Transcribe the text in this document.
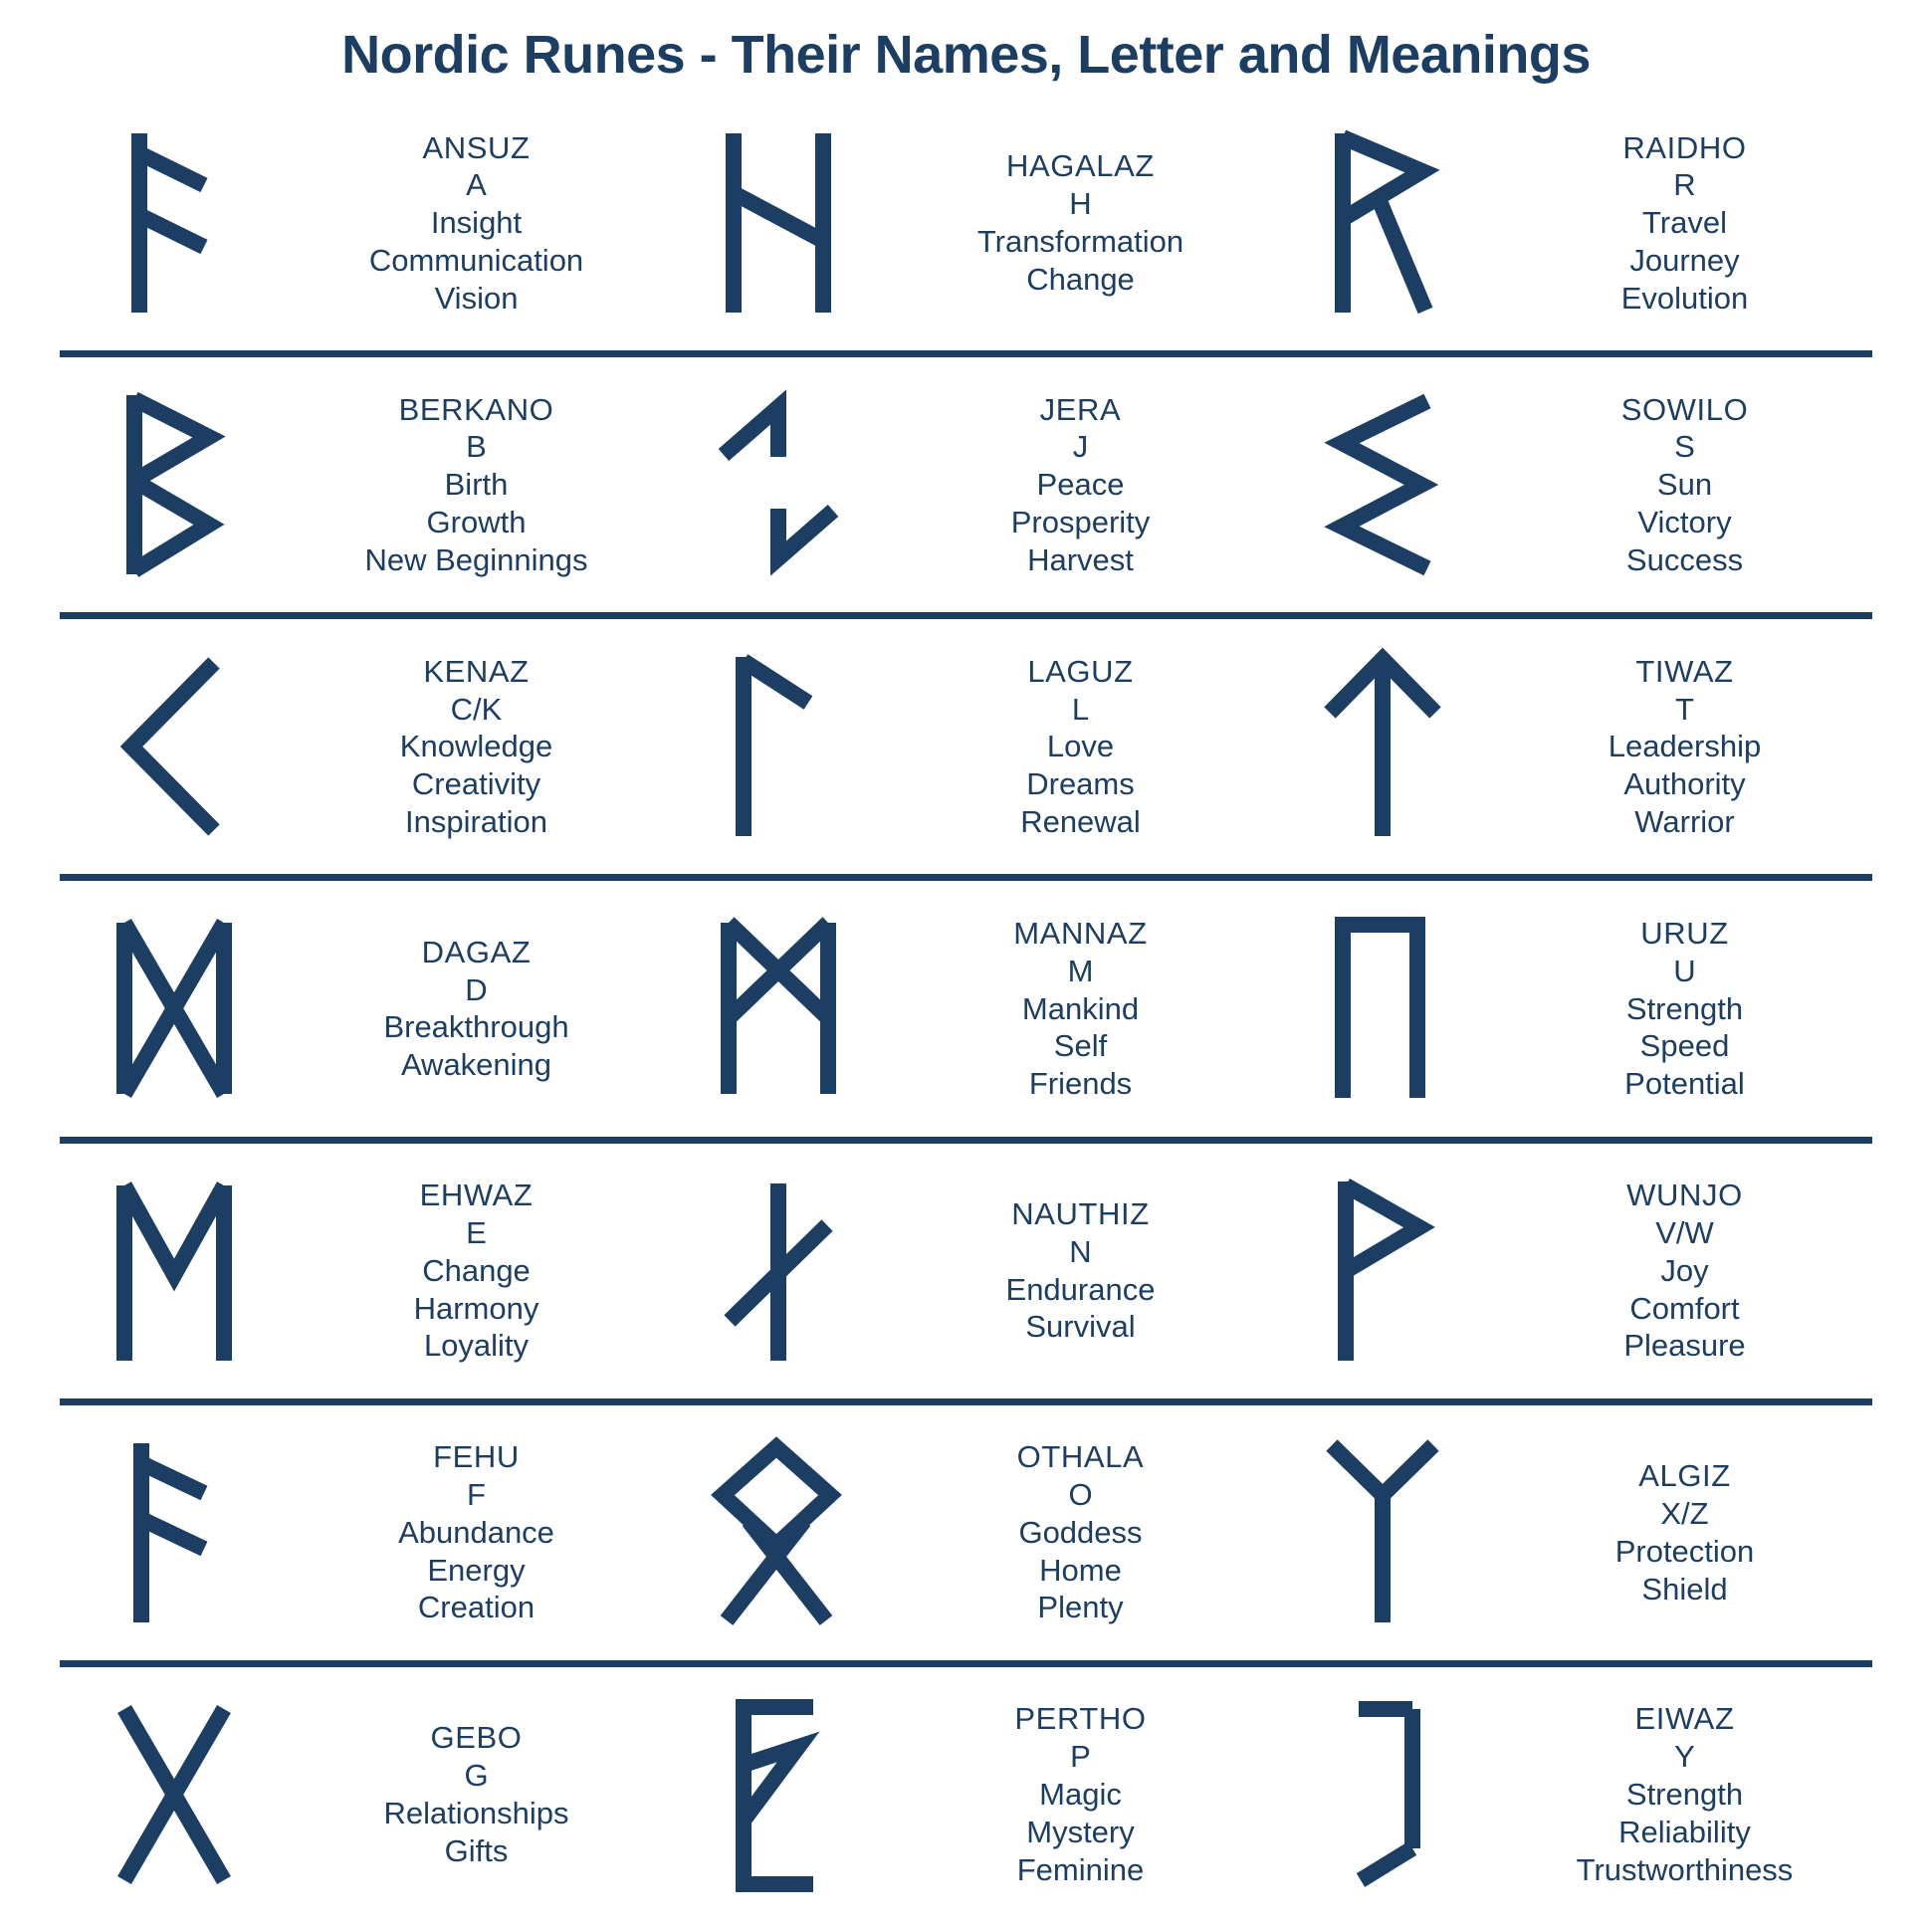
Nordic Runes - Their Names, Letter and Meanings
ANSUZ
A
Insight
Communication
Vision
HAGALAZ
H
Transformation
Change
RAIDHO
R
Travel
Journey
Evolution
BERKANO
B
Birth
Growth
New Beginnings
JERA
J
Peace
Prosperity
Harvest
SOWILO
S
Sun
Victory
Success
KENAZ
C/K
Knowledge
Creativity
Inspiration
LAGUZ
L
Love
Dreams
Renewal
TIWAZ
T
Leadership
Authority
Warrior
DAGAZ
D
Breakthrough
Awakening
MANNAZ
M
Mankind
Self
Friends
URUZ
U
Strength
Speed
Potential
EHWAZ
E
Change
Harmony
Loyality
NAUTHIZ
N
Endurance
Survival
WUNJO
V/W
Joy
Comfort
Pleasure
FEHU
F
Abundance
Energy
Creation
OTHALA
O
Goddess
Home
Plenty
ALGIZ
X/Z
Protection
Shield
GEBO
G
Relationships
Gifts
PERTHO
P
Magic
Mystery
Feminine
EIWAZ
Y
Strength
Reliability
Trustworthiness
